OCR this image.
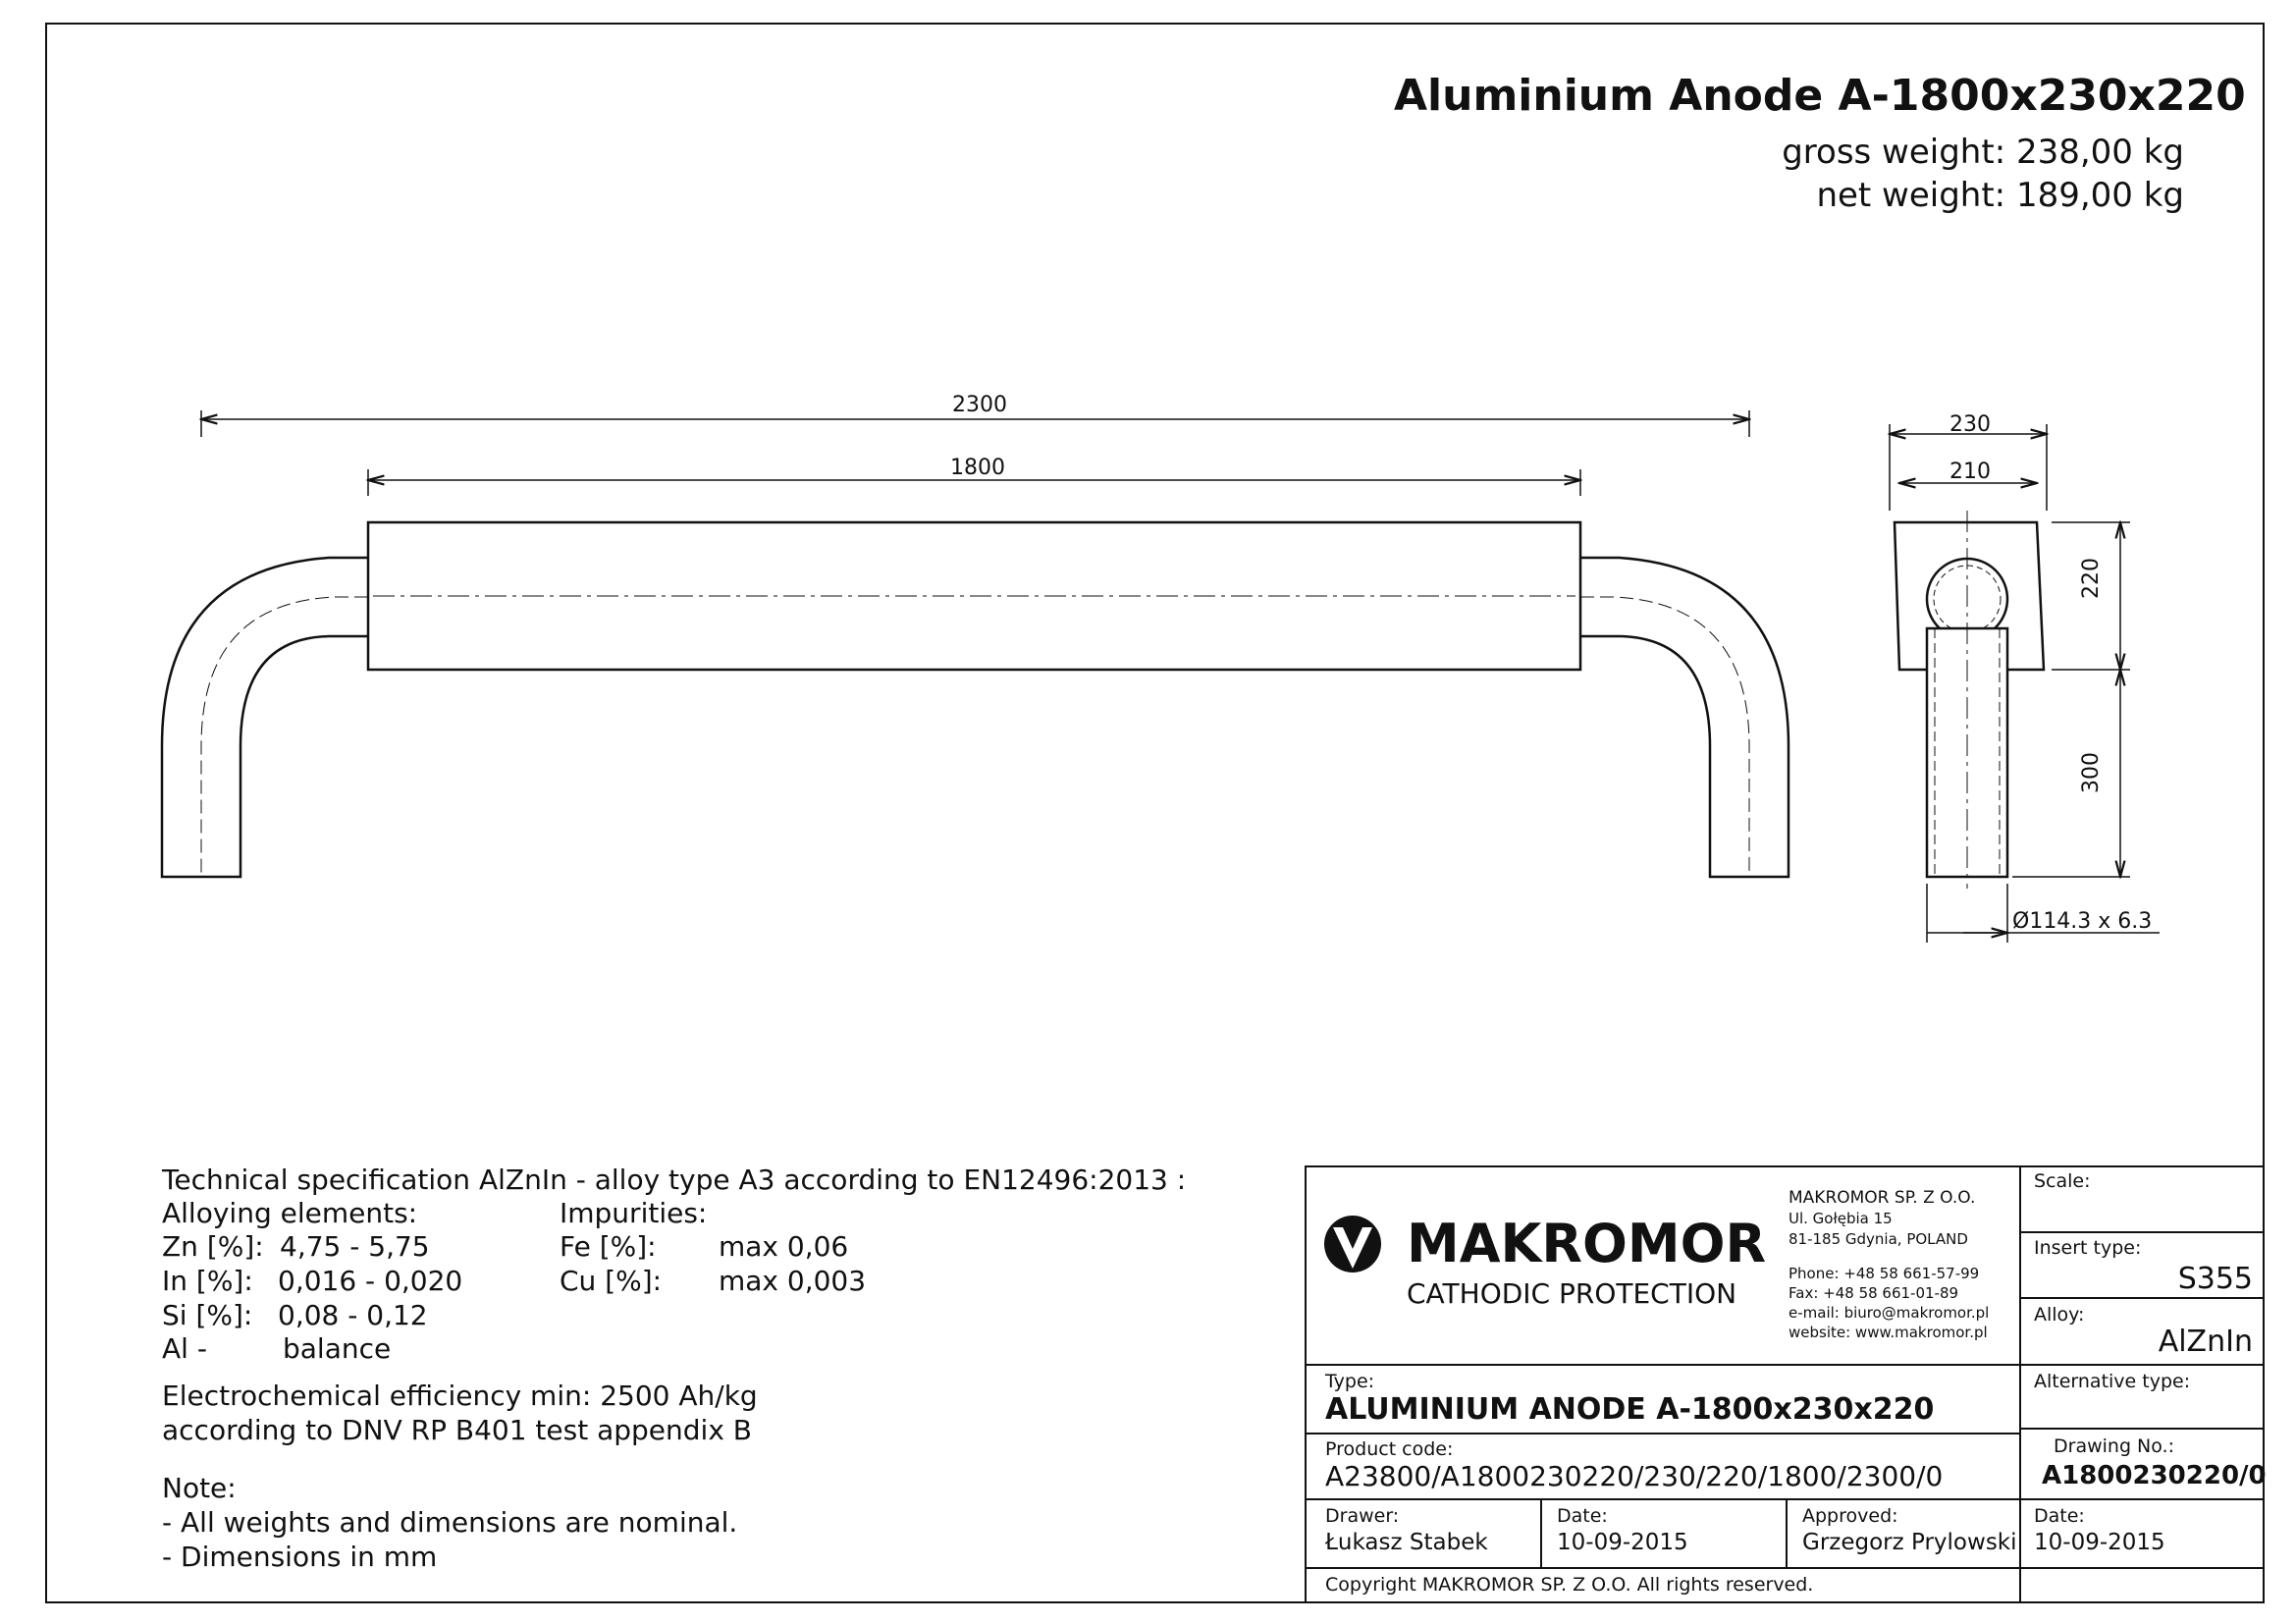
Aluminium Anode A-1800x230x220
gross weight: 238,00 kg
net weight: 189,00 kg
2300
1800
230
210
220
300
Ø114.3 x 6.3
Technical specification AlZnIn - alloy type A3 according to EN12496:2013 :
Alloying elements:	Impurities:
Zn [%]: 4,75 - 5,75	Fe [%]: max 0,06
In [%]: 0,016 - 0,020	Cu [%]: max 0,003
Si [%]: 0,08 - 0,12
Al -	balance
Electrochemical efficiency min: 2500 Ah/kg
according to DNV RP B401 test appendix B
Note:
- All weights and dimensions are nominal.
- Dimensions in mm
MAKROMOR
CATHODIC PROTECTION
MAKROMOR SP. Z O.O.
Ul. Gołębia 15
81-185 Gdynia, POLAND
Phone: +48 58 661-57-99
Fax: +48 58 661-01-89
e-mail: biuro@makromor.pl
website: www.makromor.pl
Scale:
Insert type:
S355
Alloy:
AlZnIn
Type:
ALUMINIUM ANODE A-1800x230x220
Alternative type:
Product code:
A23800/A1800230220/230/220/1800/2300/0
Drawing No.:
A1800230220/0
Drawer:
Łukasz Stabek
Date:
10-09-2015
Approved:
Grzegorz Prylowski
Date:
10-09-2015
Copyright MAKROMOR SP. Z O.O. All rights reserved.
